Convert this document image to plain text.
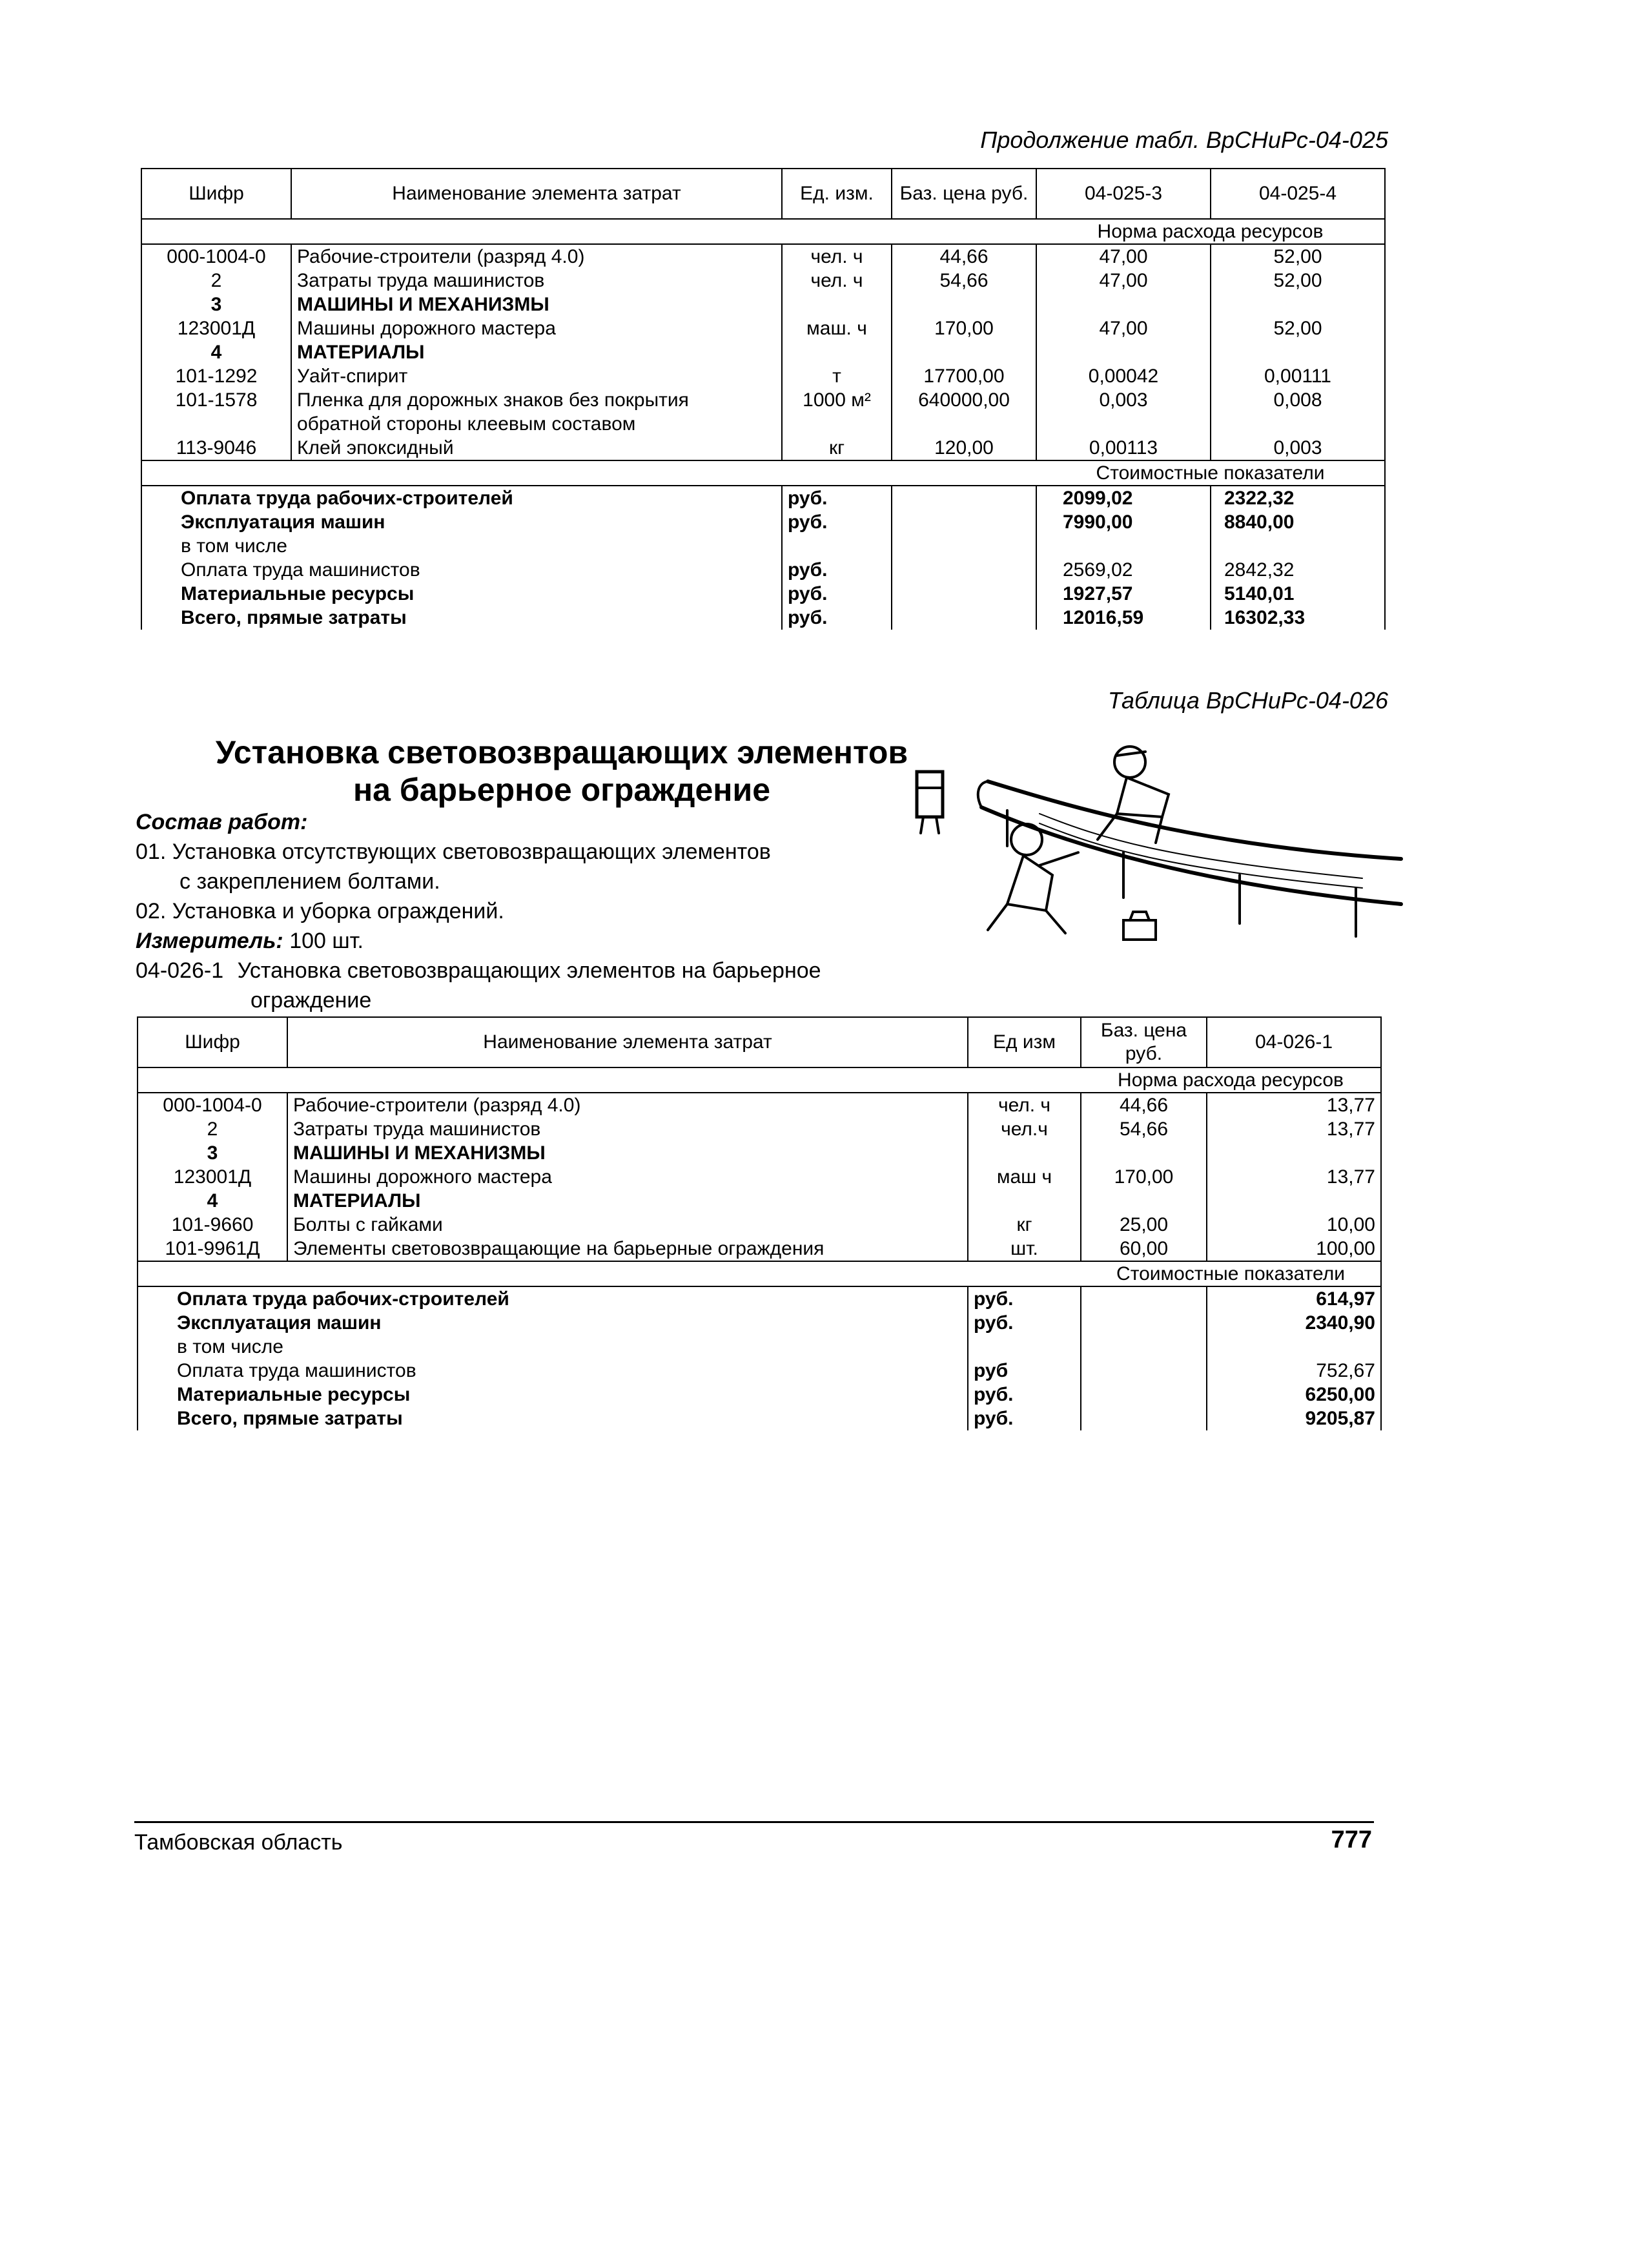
Продолжение табл. ВрСНиРс-04-025
Шифр	Наименование элемента затрат	Ед. изм.	Баз. цена руб.	04-025-3	04-025-4
				Норма расхода ресурсов	
000-1004-0	Рабочие-строители (разряд 4.0)	чел. ч	44,66	47,00	52,00
2	Затраты труда машинистов	чел. ч	54,66	47,00	52,00
3	МАШИНЫ И МЕХАНИЗМЫ				
123001Д	Машины дорожного мастера	маш. ч	170,00	47,00	52,00
4	МАТЕРИАЛЫ				
101-1292	Уайт-спирит	т	17700,00	0,00042	0,00111
101-1578	Пленка для дорожных знаков без покрытия	1000 м²	640000,00	0,003	0,008
	обратной стороны клеевым составом				
113-9046	Клей эпоксидный	кг	120,00	0,00113	0,003
				Стоимостные показатели	
Оплата труда рабочих-строителей		руб.		2099,02	2322,32
Эксплуатация машин		руб.		7990,00	8840,00
в том числе					
Оплата труда машинистов		руб.		2569,02	2842,32
Материальные ресурсы		руб.		1927,57	5140,01
Всего, прямые затраты		руб.		12016,59	16302,33
Таблица ВрСНиРс-04-026
Установка световозвращающих элементов
на барьерное ограждение
Состав работ:
01. Установка отсутствующих световозвращающих элементов
с закреплением болтами.
02. Установка и уборка ограждений.
Измеритель: 100 шт.
04-026-1 Установка световозвращающих элементов на барьерное
ограждение
Шифр	Наименование элемента затрат	Ед изм	Баз. цена руб.	04-026-1
			Норма расхода ресурсов	
000-1004-0	Рабочие-строители (разряд 4.0)	чел. ч	44,66	13,77
2	Затраты труда машинистов	чел.ч	54,66	13,77
3	МАШИНЫ И МЕХАНИЗМЫ			
123001Д	Машины дорожного мастера	маш ч	170,00	13,77
4	МАТЕРИАЛЫ			
101-9660	Болты с гайками	кг	25,00	10,00
101-9961Д	Элементы световозвращающие на барьерные ограждения	шт.	60,00	100,00
			Стоимостные показатели	
Оплата труда рабочих-строителей		руб.		614,97
Эксплуатация машин		руб.		2340,90
в том числе				
Оплата труда машинистов		руб		752,67
Материальные ресурсы		руб.		6250,00
Всего, прямые затраты		руб.		9205,87
Тамбовская область	777
